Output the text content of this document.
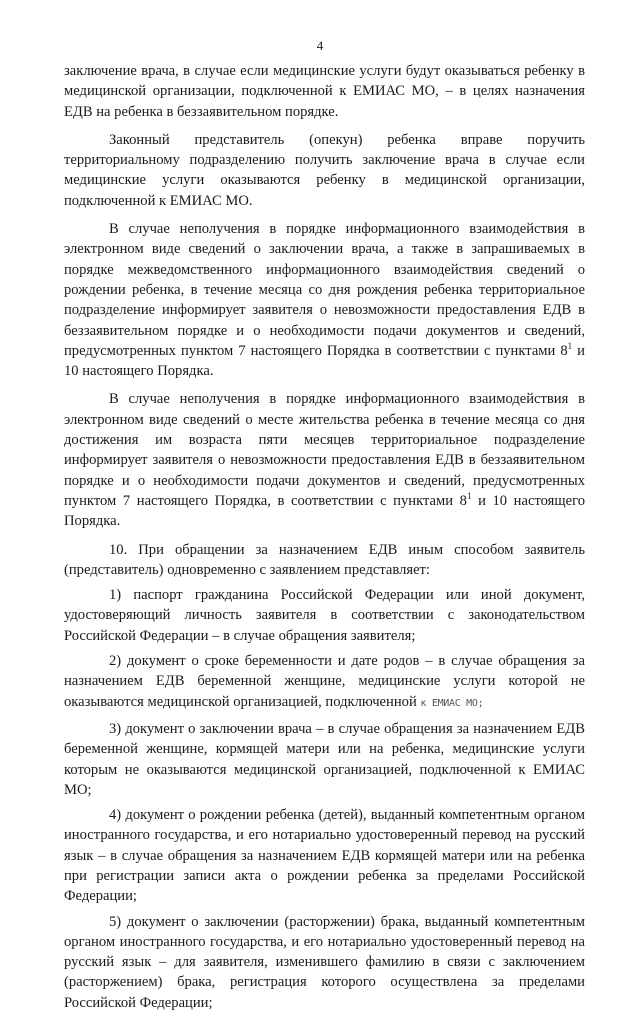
4

заключение врача, в случае если медицинские услуги будут оказываться ребенку в медицинской организации, подключенной к ЕМИАС МО, – в целях назначения ЕДВ на ребенка в беззаявительном порядке.

Законный представитель (опекун) ребенка вправе поручить территориальному подразделению получить заключение врача в случае если медицинские услуги оказываются ребенку в медицинской организации, подключенной к ЕМИАС МО.

В случае неполучения в порядке информационного взаимодействия в электронном виде сведений о заключении врача, а также в запрашиваемых в порядке межведомственного информационного взаимодействия сведений о рождении ребенка, в течение месяца со дня рождения ребенка территориальное подразделение информирует заявителя о невозможности предоставления ЕДВ в беззаявительном порядке и о необходимости подачи документов и сведений, предусмотренных пунктом 7 настоящего Порядка в соответствии с пунктами $8^1$ и 10 настоящего Порядка.

В случае неполучения в порядке информационного взаимодействия в электронном виде сведений о месте жительства ребенка в течение месяца со дня достижения им возраста пяти месяцев территориальное подразделение информирует заявителя о невозможности предоставления ЕДВ в беззаявительном порядке и о необходимости подачи документов и сведений, предусмотренных пунктом 7 настоящего Порядка, в соответствии с пунктами $8^1$ и 10 настоящего Порядка.

10. При обращении за назначением ЕДВ иным способом заявитель (представитель) одновременно с заявлением представляет:

1) паспорт гражданина Российской Федерации или иной документ, удостоверяющий личность заявителя в соответствии с законодательством Российской Федерации – в случае обращения заявителя;

2) документ о сроке беременности и дате родов – в случае обращения за назначением ЕДВ беременной женщине, медицинские услуги которой не оказываются медицинской организацией, подключенной к ЕМИАС МО;

3) документ о заключении врача – в случае обращения за назначением ЕДВ беременной женщине, кормящей матери или на ребенка, медицинские услуги которым не оказываются медицинской организацией, подключенной к ЕМИАС МО;

4) документ о рождении ребенка (детей), выданный компетентным органом иностранного государства, и его нотариально удостоверенный перевод на русский язык – в случае обращения за назначением ЕДВ кормящей матери или на ребенка при регистрации записи акта о рождении ребенка за пределами Российской Федерации;

5) документ о заключении (расторжении) брака, выданный компетентным органом иностранного государства, и его нотариально удостоверенный перевод на русский язык – для заявителя, изменившего фамилию в связи с заключением (расторжением) брака, регистрация которого осуществлена за пределами Российской Федерации;
